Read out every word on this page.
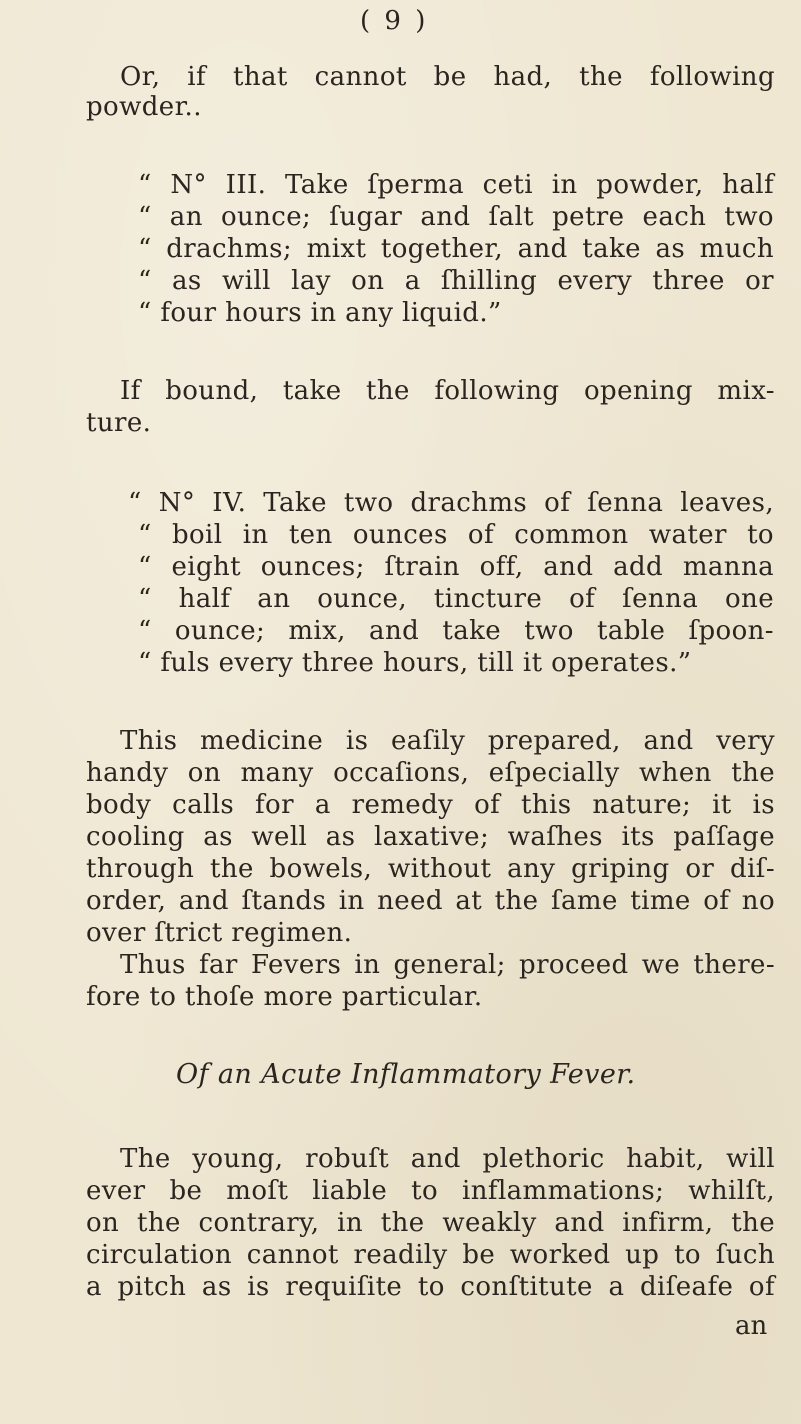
( 9 )
Or, if that cannot be had, the following
powder..
“ N° III. Take ſperma ceti in powder, half
“ an ounce; ſugar and ſalt petre each two
“ drachms; mixt together, and take as much
“ as will lay on a ſhilling every three or
“ four hours in any liquid.”
If bound, take the following opening mix-
ture.
“ N° IV. Take two drachms of ſenna leaves,
“ boil in ten ounces of common water to
“ eight ounces; ſtrain off, and add manna
“ half an ounce, tincture of ſenna one
“ ounce; mix, and take two table ſpoon-
“ fuls every three hours, till it operates.”
This medicine is eaſily prepared, and very
handy on many occaſions, eſpecially when the
body calls for a remedy of this nature; it is
cooling as well as laxative; waſhes its paſſage
through the bowels, without any griping or diſ-
order, and ſtands in need at the ſame time of no
over ſtrict regimen.
Thus far Fevers in general; proceed we there-
fore to thoſe more particular.
Of an Acute Inflammatory Fever.
The young, robuſt and plethoric habit, will
ever be moſt liable to inflammations; whilſt,
on the contrary, in the weakly and infirm, the
circulation cannot readily be worked up to ſuch
a pitch as is requiſite to conſtitute a diſeafe of
an
